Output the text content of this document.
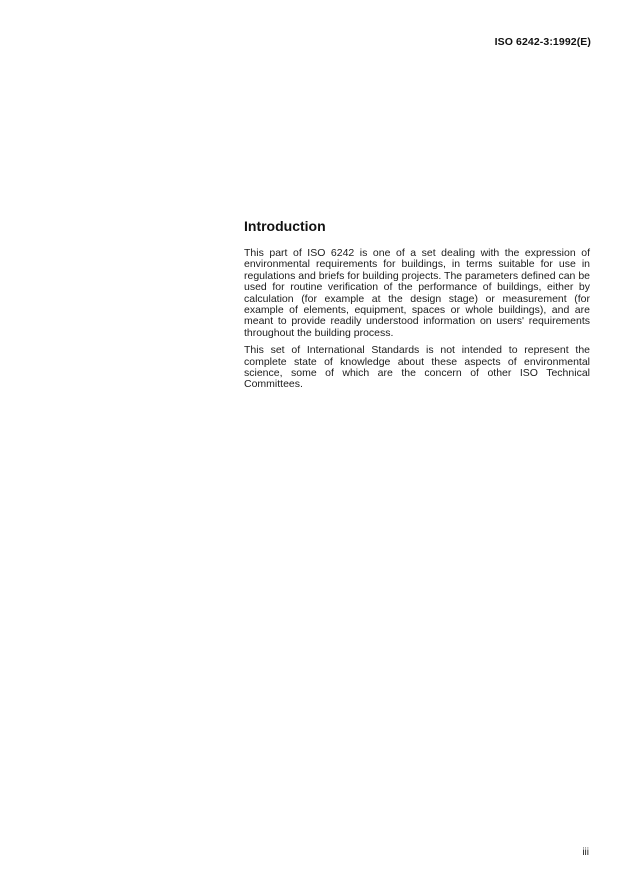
ISO 6242-3:1992(E)
Introduction

This part of ISO 6242 is one of a set dealing with the expression of environmental requirements for buildings, in terms suitable for use in regulations and briefs for building projects. The parameters defined can be used for routine verification of the performance of buildings, either by calculation (for example at the design stage) or measurement (for example of elements, equipment, spaces or whole buildings), and are meant to provide readily understood information on users' requirements throughout the building process.

This set of International Standards is not intended to represent the complete state of knowledge about these aspects of environmental science, some of which are the concern of other ISO Technical Committees.

iii
